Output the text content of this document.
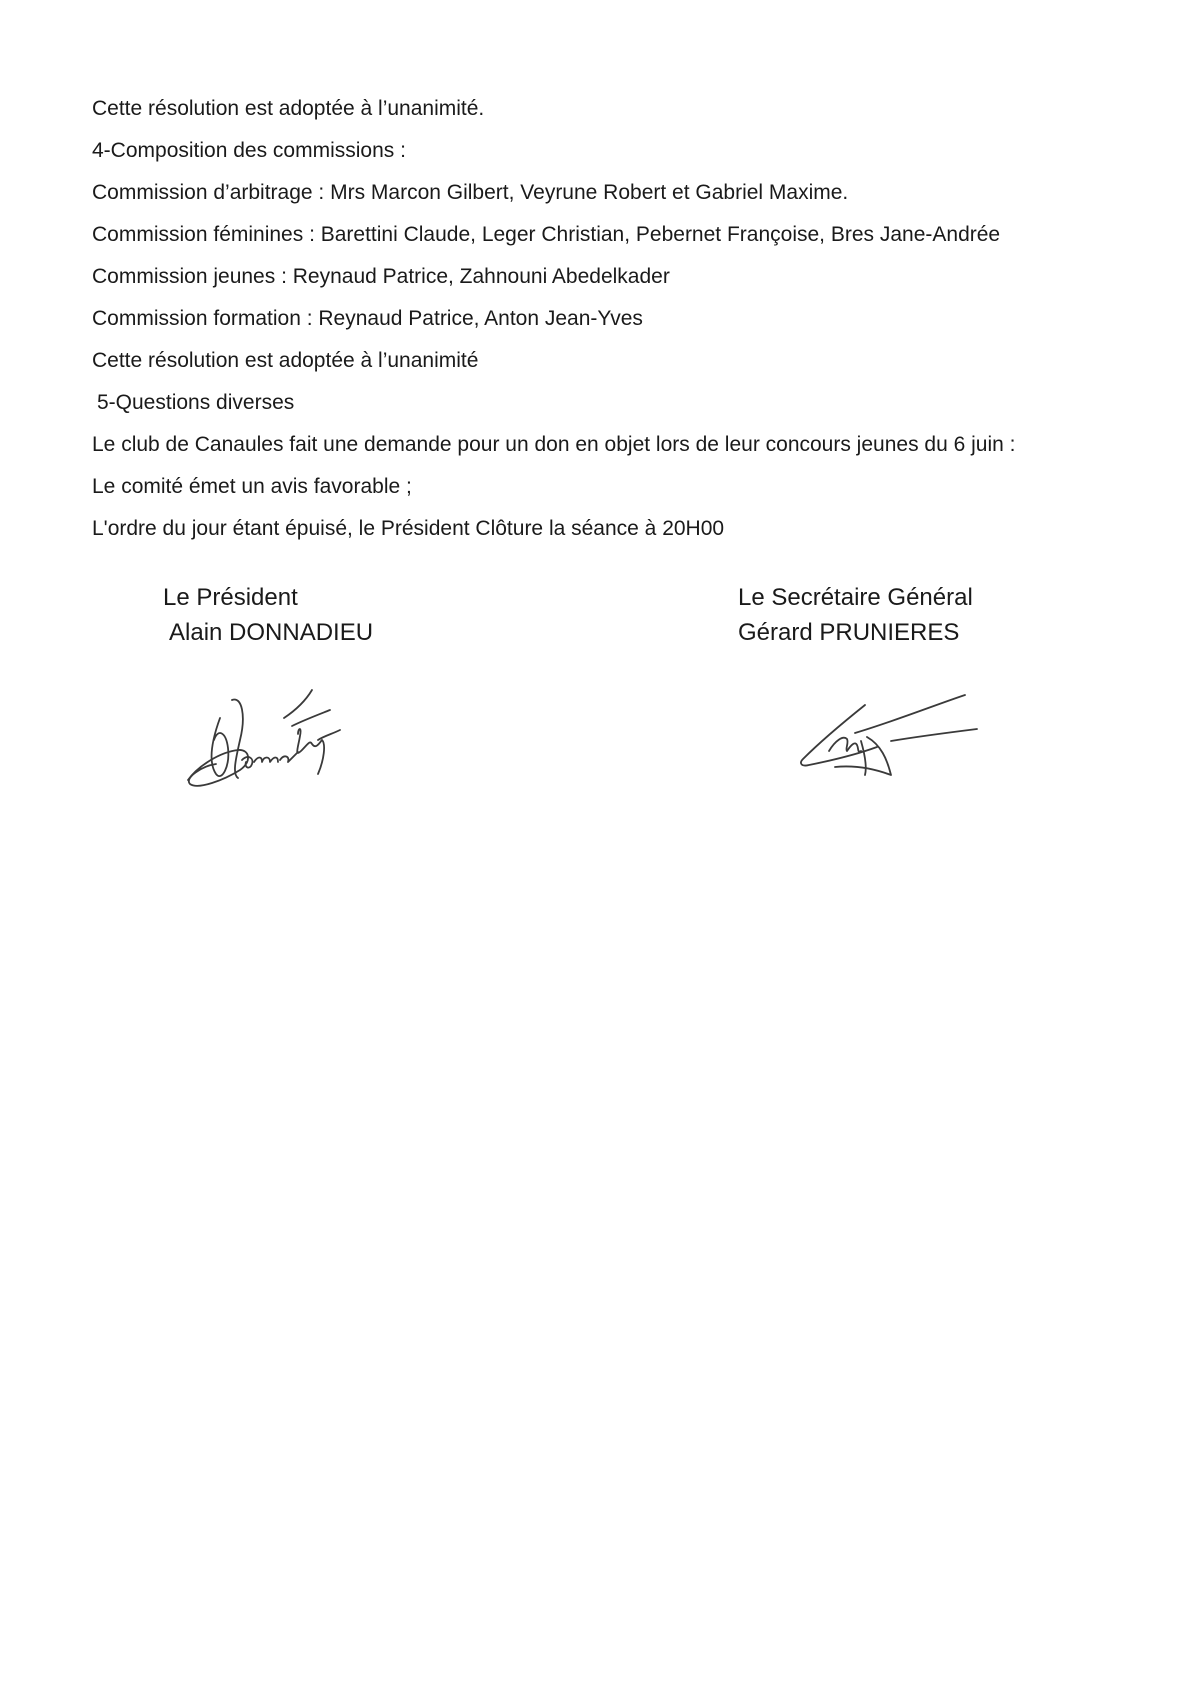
Cette résolution est adoptée à l’unanimité.
4-Composition des commissions :
Commission d’arbitrage : Mrs Marcon Gilbert, Veyrune Robert et Gabriel Maxime.
Commission féminines : Barettini Claude, Leger Christian, Pebernet Françoise, Bres Jane-Andrée
Commission jeunes : Reynaud Patrice, Zahnouni Abedelkader
Commission formation : Reynaud Patrice, Anton Jean-Yves
Cette résolution est adoptée à l’unanimité
5-Questions diverses
Le club de Canaules fait une demande pour un don en objet lors de leur concours jeunes du 6 juin :
Le comité émet un avis favorable ;
L'ordre du jour étant épuisé, le Président Clôture la séance à 20H00
Le Président
Alain DONNADIEU
Le Secrétaire Général
Gérard PRUNIERES
